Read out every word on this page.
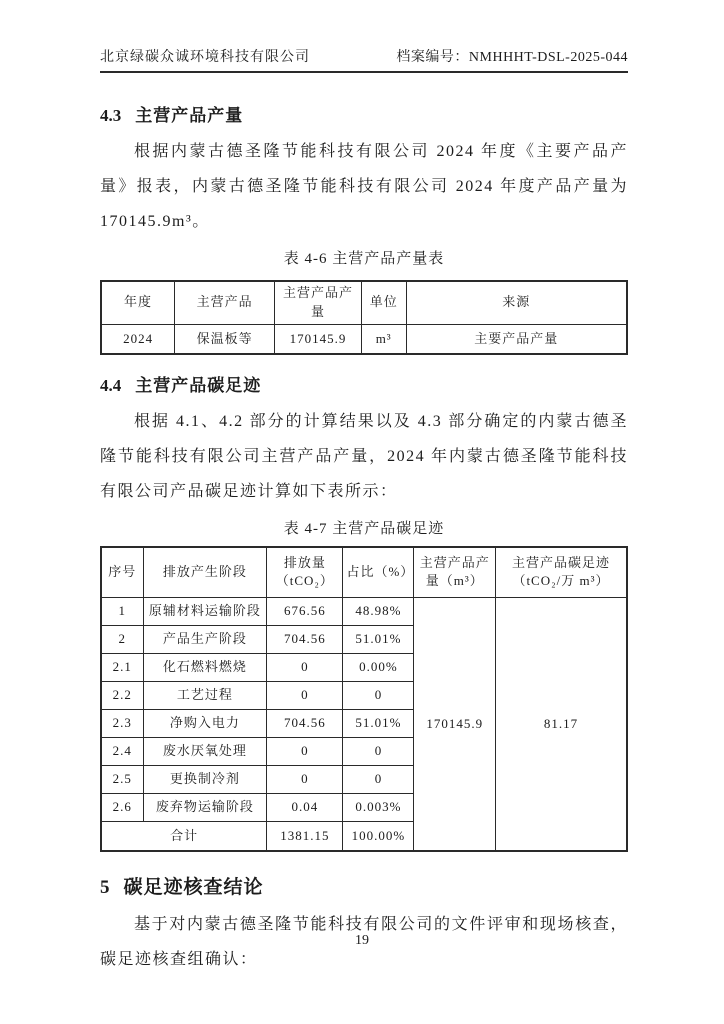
北京绿碳众诚环境科技有限公司	档案编号：NMHHHT-DSL-2025-044
4.3 主营产品产量

根据内蒙古德圣隆节能科技有限公司 2024 年度《主要产品产量》报表，内蒙古德圣隆节能科技有限公司 2024 年度产品产量为 170145.9m³。

表 4-6 主营产品产量表
年度	主营产品	主营产品产量	单位	来源
2024	保温板等	170145.9	m³	主要产品产量
4.4 主营产品碳足迹

根据 4.1、4.2 部分的计算结果以及 4.3 部分确定的内蒙古德圣隆节能科技有限公司主营产品产量，2024 年内蒙古德圣隆节能科技有限公司产品碳足迹计算如下表所示：

表 4-7 主营产品碳足迹
序号	排放产生阶段	排放量 （tCO₂）	占比（%）	主营产品产 量（m³）	主营产品碳足迹 （tCO₂/万 m³）
1	原辅材料运输阶段	676.56	48.98%	170145.9	81.17
2	产品生产阶段	704.56	51.01%		
2.1	化石燃料燃烧	0	0.00%		
2.2	工艺过程	0	0		
2.3	净购入电力	704.56	51.01%		
2.4	废水厌氧处理	0	0		
2.5	更换制冷剂	0	0		
2.6	废弃物运输阶段	0.04	0.003%		
合计		1381.15	100.00%		
5 碳足迹核查结论

基于对内蒙古德圣隆节能科技有限公司的文件评审和现场核查，碳足迹核查组确认：

19
